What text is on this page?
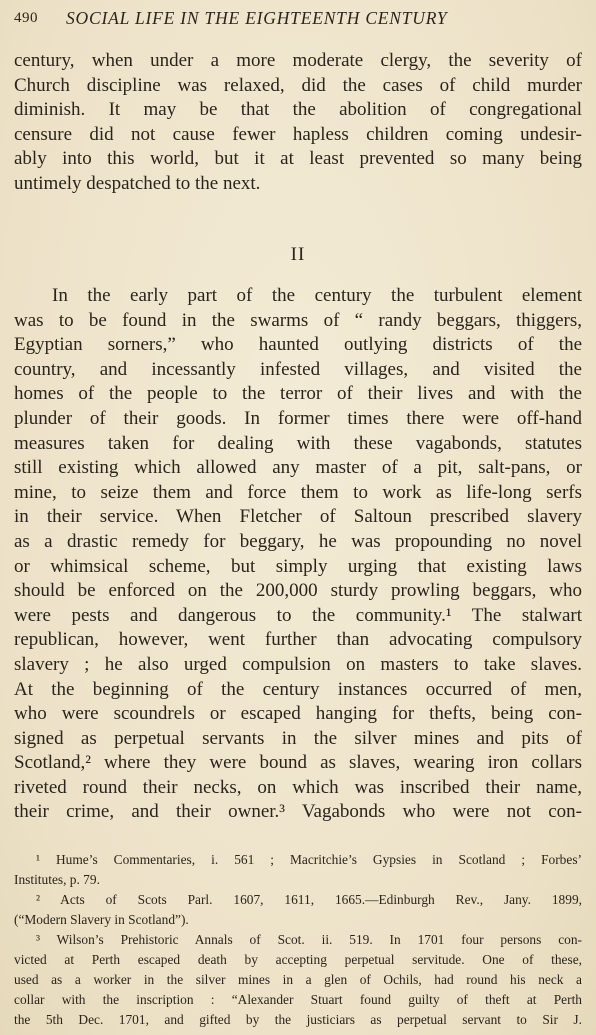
490 SOCIAL LIFE IN THE EIGHTEENTH CENTURY
century, when under a more moderate clergy, the severity of
Church discipline was relaxed, did the cases of child murder
diminish. It may be that the abolition of congregational
censure did not cause fewer hapless children coming undesir-
ably into this world, but it at least prevented so many being
untimely despatched to the next.
II
In the early part of the century the turbulent element
was to be found in the swarms of “ randy beggars, thiggers,
Egyptian sorners,” who haunted outlying districts of the
country, and incessantly infested villages, and visited the
homes of the people to the terror of their lives and with the
plunder of their goods. In former times there were off-hand
measures taken for dealing with these vagabonds, statutes
still existing which allowed any master of a pit, salt-pans, or
mine, to seize them and force them to work as life-long serfs
in their service. When Fletcher of Saltoun prescribed slavery
as a drastic remedy for beggary, he was propounding no novel
or whimsical scheme, but simply urging that existing laws
should be enforced on the 200,000 sturdy prowling beggars, who
were pests and dangerous to the community.¹ The stalwart
republican, however, went further than advocating compulsory
slavery ; he also urged compulsion on masters to take slaves.
At the beginning of the century instances occurred of men,
who were scoundrels or escaped hanging for thefts, being con-
signed as perpetual servants in the silver mines and pits of
Scotland,² where they were bound as slaves, wearing iron collars
riveted round their necks, on which was inscribed their name,
their crime, and their owner.³ Vagabonds who were not con-
¹ Hume’s Commentaries, i. 561 ; Macritchie’s Gypsies in Scotland ; Forbes’
Institutes, p. 79.
² Acts of Scots Parl. 1607, 1611, 1665.—Edinburgh Rev., Jany. 1899,
(“Modern Slavery in Scotland”).
³ Wilson’s Prehistoric Annals of Scot. ii. 519. In 1701 four persons con-
victed at Perth escaped death by accepting perpetual servitude. One of these,
used as a worker in the silver mines in a glen of Ochils, had round his neck a
collar with the inscription : “Alexander Stuart found guilty of theft at Perth
the 5th Dec. 1701, and gifted by the justiciars as perpetual servant to Sir J.
